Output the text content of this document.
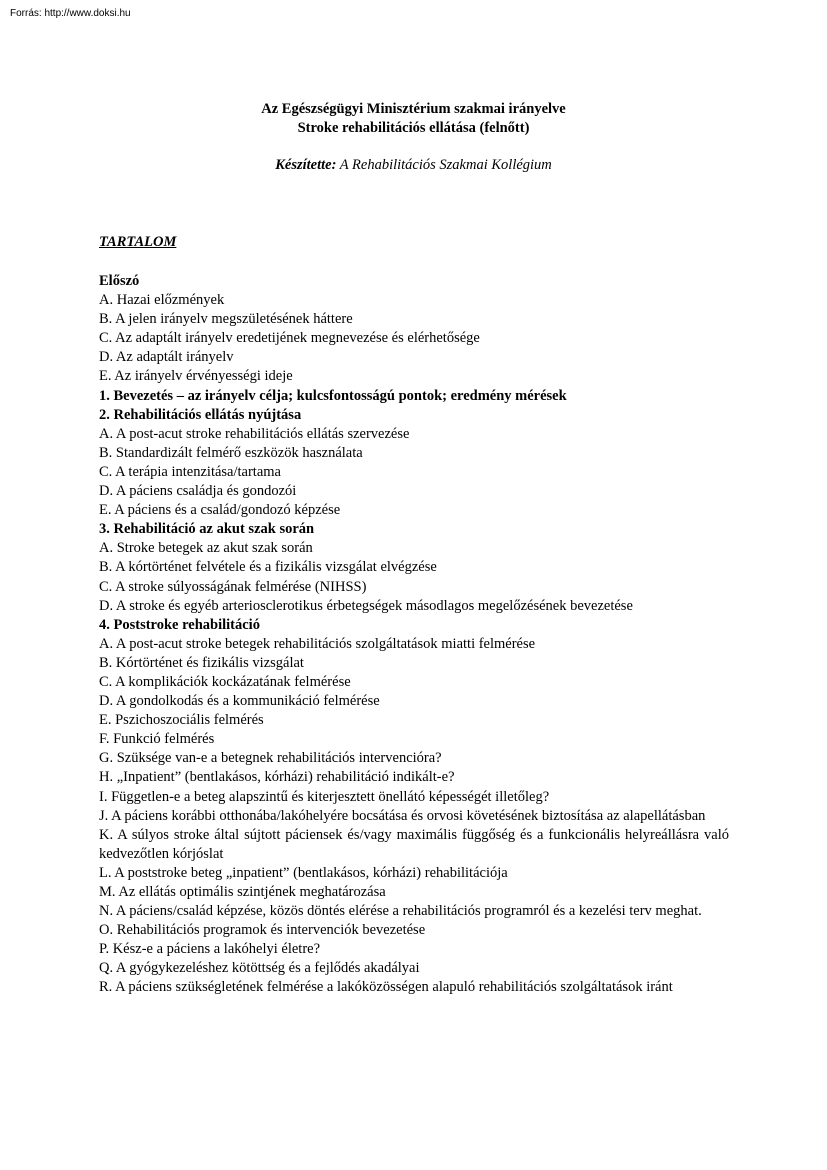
Forrás: http://www.doksi.hu
Az Egészségügyi Minisztérium szakmai irányelve
Stroke rehabilitációs ellátása (felnőtt)
Készítette: A Rehabilitációs Szakmai Kollégium
TARTALOM
Előszó
A. Hazai előzmények
B. A jelen irányelv megszületésének háttere
C. Az adaptált irányelv eredetijének megnevezése és elérhetősége
D. Az adaptált irányelv
E. Az irányelv érvényességi ideje
1. Bevezetés – az irányelv célja; kulcsfontosságú pontok; eredmény mérések
2. Rehabilitációs ellátás nyújtása
A. A post-acut stroke rehabilitációs ellátás szervezése
B. Standardizált felmérő eszközök használata
C. A terápia intenzitása/tartama
D. A páciens családja és gondozói
E. A páciens és a család/gondozó képzése
3. Rehabilitáció az akut szak során
A. Stroke betegek az akut szak során
B. A kórtörténet felvétele és a fizikális vizsgálat elvégzése
C. A stroke súlyosságának felmérése (NIHSS)
D. A stroke és egyéb arteriosclerotikus érbetegségek másodlagos megelőzésének bevezetése
4. Poststroke rehabilitáció
A. A post-acut stroke betegek rehabilitációs szolgáltatások miatti felmérése
B. Kórtörténet és fizikális vizsgálat
C. A komplikációk kockázatának felmérése
D. A gondolkodás és a kommunikáció felmérése
E. Pszichoszociális felmérés
F. Funkció felmérés
G. Szüksége van-e a betegnek rehabilitációs intervencióra?
H. „Inpatient” (bentlakásos, kórházi) rehabilitáció indikált-e?
I. Független-e a beteg alapszintű és kiterjesztett önellátó képességét illetőleg?
J. A páciens korábbi otthonába/lakóhelyére bocsátása és orvosi követésének biztosítása az alapellátásban
K. A súlyos stroke által sújtott páciensek és/vagy maximális függőség és a funkcionális helyreállásra való kedvezőtlen kórjóslat
L. A poststroke beteg „inpatient” (bentlakásos, kórházi) rehabilitációja
M. Az ellátás optimális szintjének meghatározása
N. A páciens/család képzése, közös döntés elérése a rehabilitációs programról és a kezelési terv meghat.
O. Rehabilitációs programok és intervenciók bevezetése
P. Kész-e a páciens a lakóhelyi életre?
Q. A gyógykezeléshez kötöttség és a fejlődés akadályai
R. A páciens szükségletének felmérése a lakóközösségen alapuló rehabilitációs szolgáltatások iránt
